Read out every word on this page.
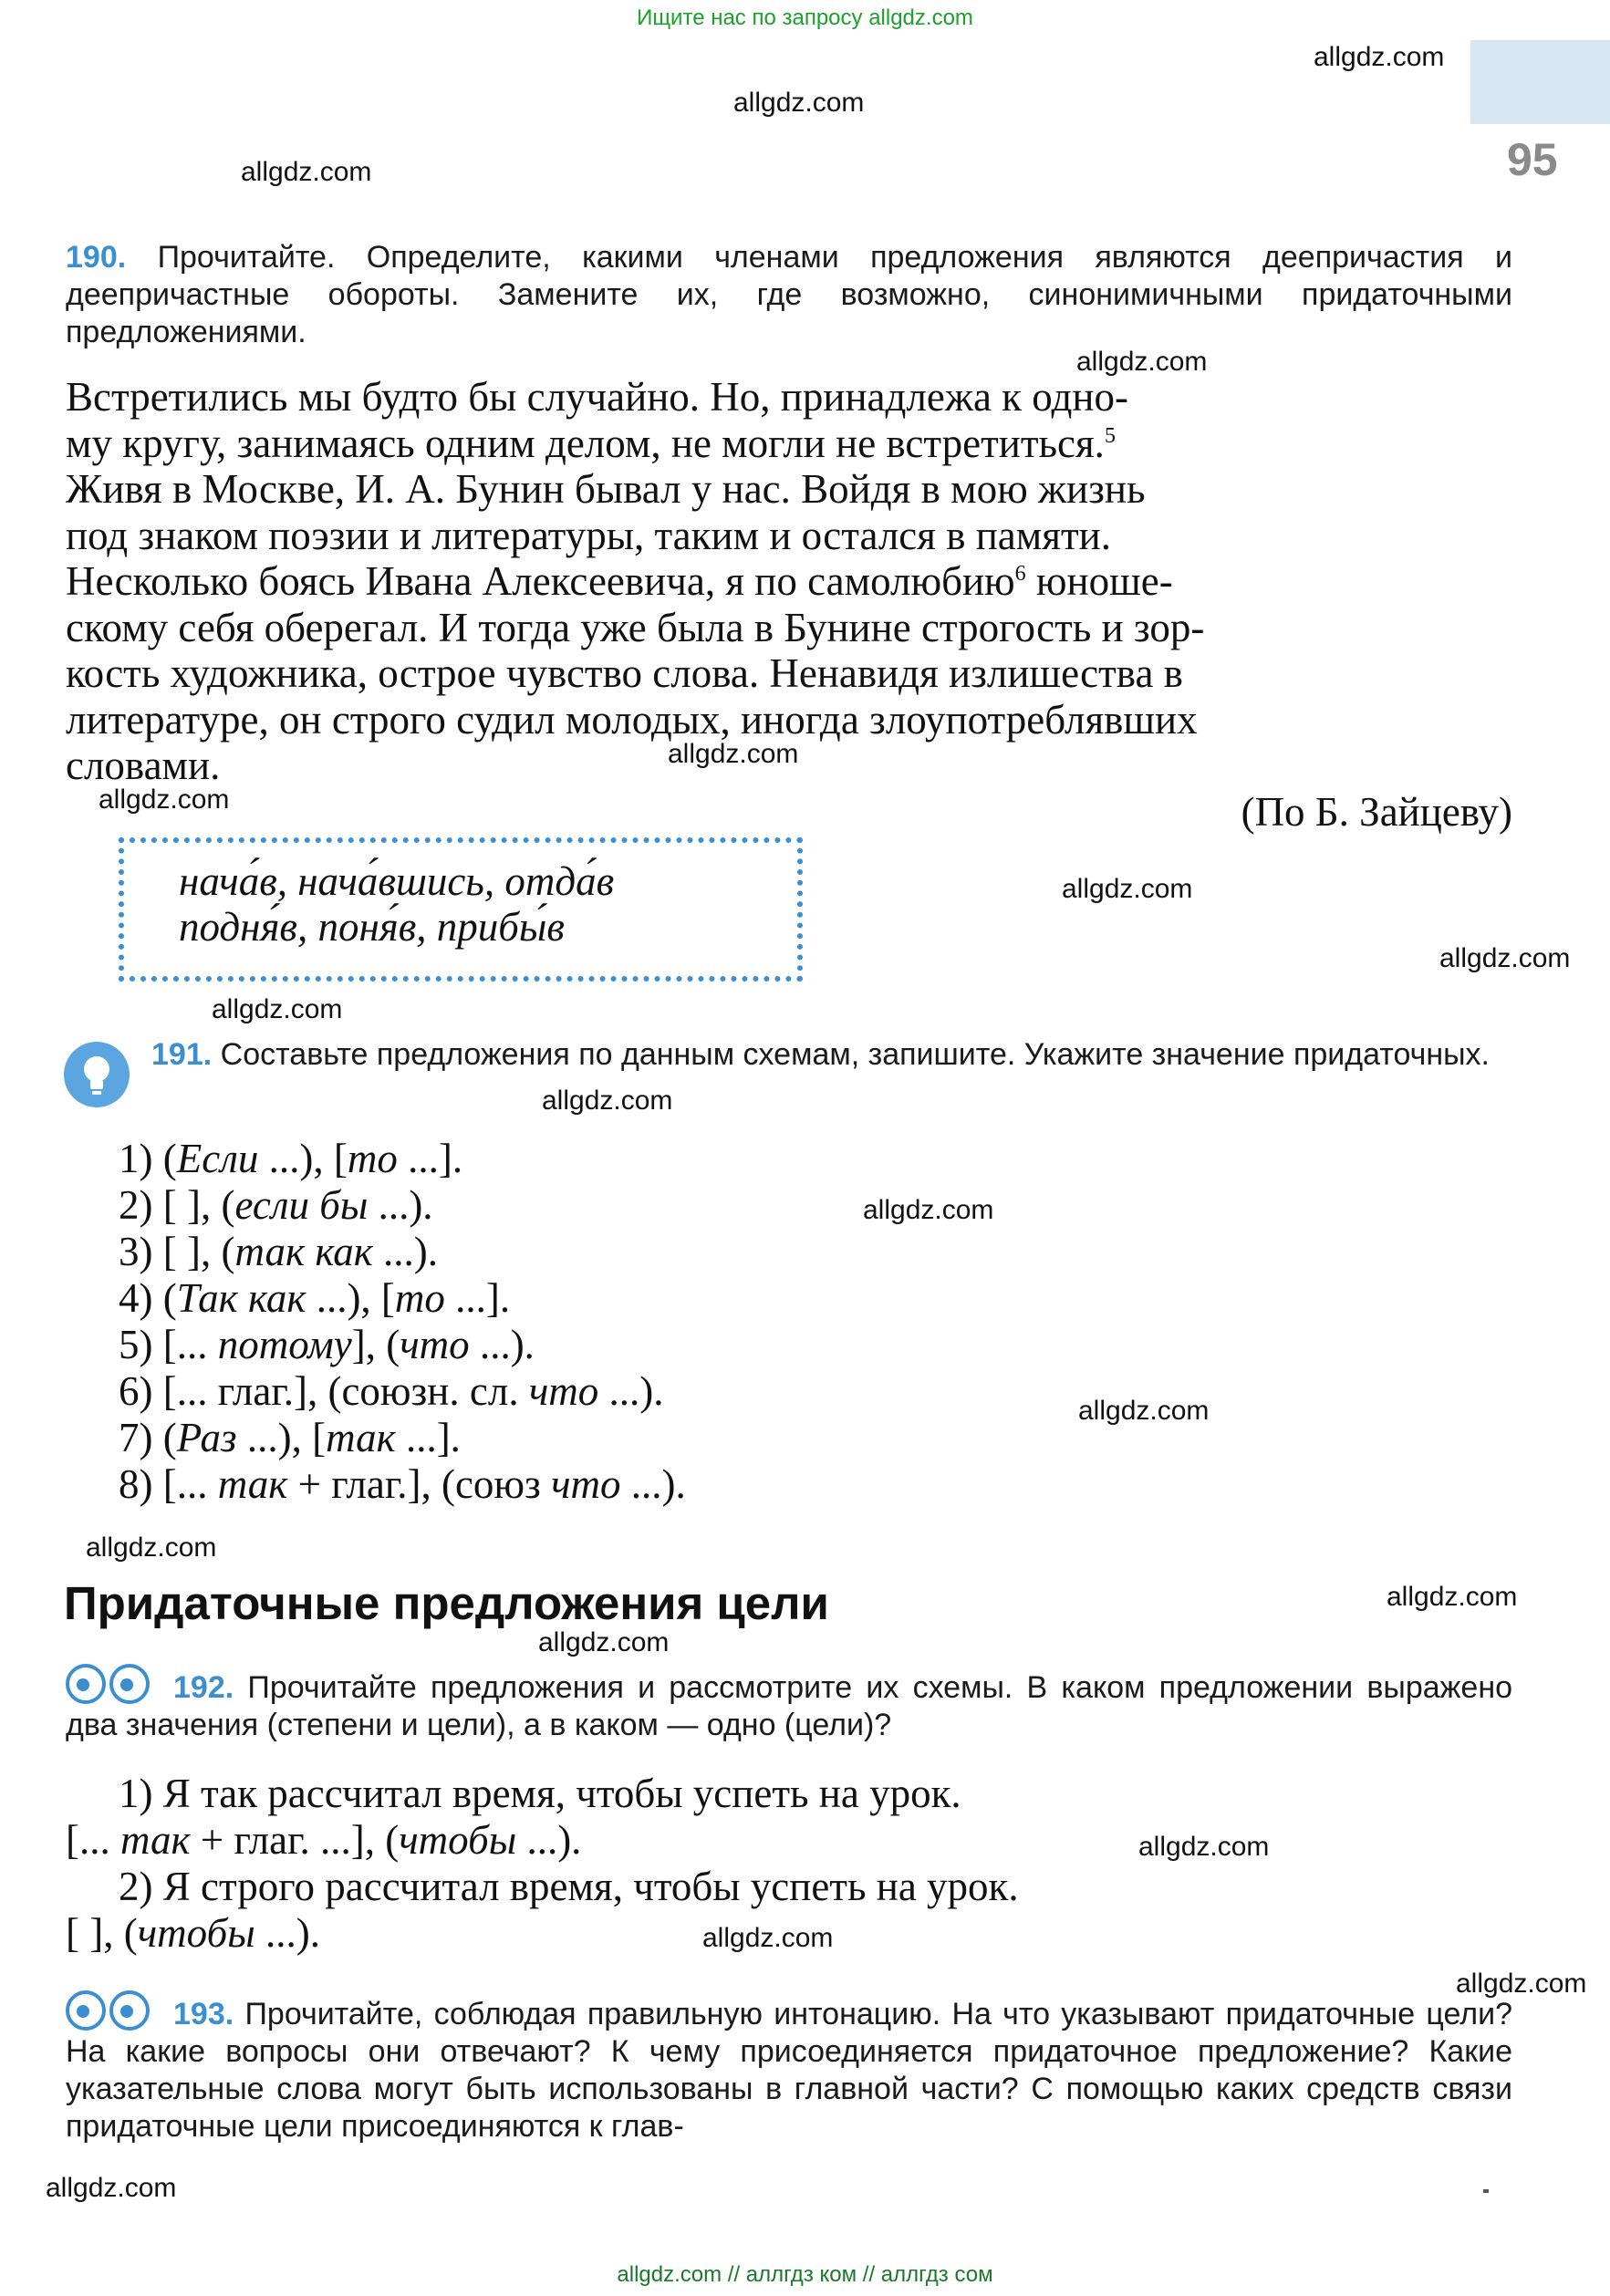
Ищите нас по запросу allgdz.com
95
allgdz.com
allgdz.com
allgdz.com
allgdz.com
allgdz.com
allgdz.com
allgdz.com
allgdz.com
allgdz.com
allgdz.com
allgdz.com
allgdz.com
allgdz.com
allgdz.com
allgdz.com
allgdz.com
allgdz.com
allgdz.com
allgdz.com
190. Прочитайте. Определите, какими членами предложения являются деепричастия и деепричастные обороты. Замените их, где возможно, синонимичными придаточными предложениями.
Встретились мы будто бы случайно. Но, принадлежа к одно-
му кругу, занимаясь одним делом, не могли не встретиться.$^5$
Живя в Москве, И. А. Бунин бывал у нас. Войдя в мою жизнь
под знаком поэзии и литературы, таким и остался в памяти.
Несколько боясь Ивана Алексеевича, я по самолюбию$^6$ юноше-
скому себя оберегал. И тогда уже была в Бунине строгость и зор-
кость художника, острое чувство слова. Ненавидя излишества в
литературе, он строго судил молодых, иногда злоупотреблявших
словами.
(По Б. Зайцеву)
нача́в, нача́вшись, отда́в
подня́в, поня́в, прибы́в
191. Составьте предложения по данным схемам, запишите. Укажите значение придаточных.
1) (Если ...), [то ...].
2) [ ], (если бы ...).
3) [ ], (так как ...).
4) (Так как ...), [то ...].
5) [... потому], (что ...).
6) [... глаг.], (союзн. сл. что ...).
7) (Раз ...), [так ...].
8) [... так + глаг.], (союз что ...).
Придаточные предложения цели
192. Прочитайте предложения и рассмотрите их схемы. В каком предложении выражено два значения (степени и цели), а в каком — одно (цели)?
1) Я так рассчитал время, чтобы успеть на урок.
[... так + глаг. ...], (чтобы ...).
2) Я строго рассчитал время, чтобы успеть на урок.
[ ], (чтобы ...).
193. Прочитайте, соблюдая правильную интонацию. На что указывают придаточные цели? На какие вопросы они отвечают? К чему присоединяется придаточное предложение? Какие указательные слова могут быть использованы в главной части? С помощью каких средств связи придаточные цели присоединяются к глав-
allgdz.com // аллгдз ком // аллгдз сом
